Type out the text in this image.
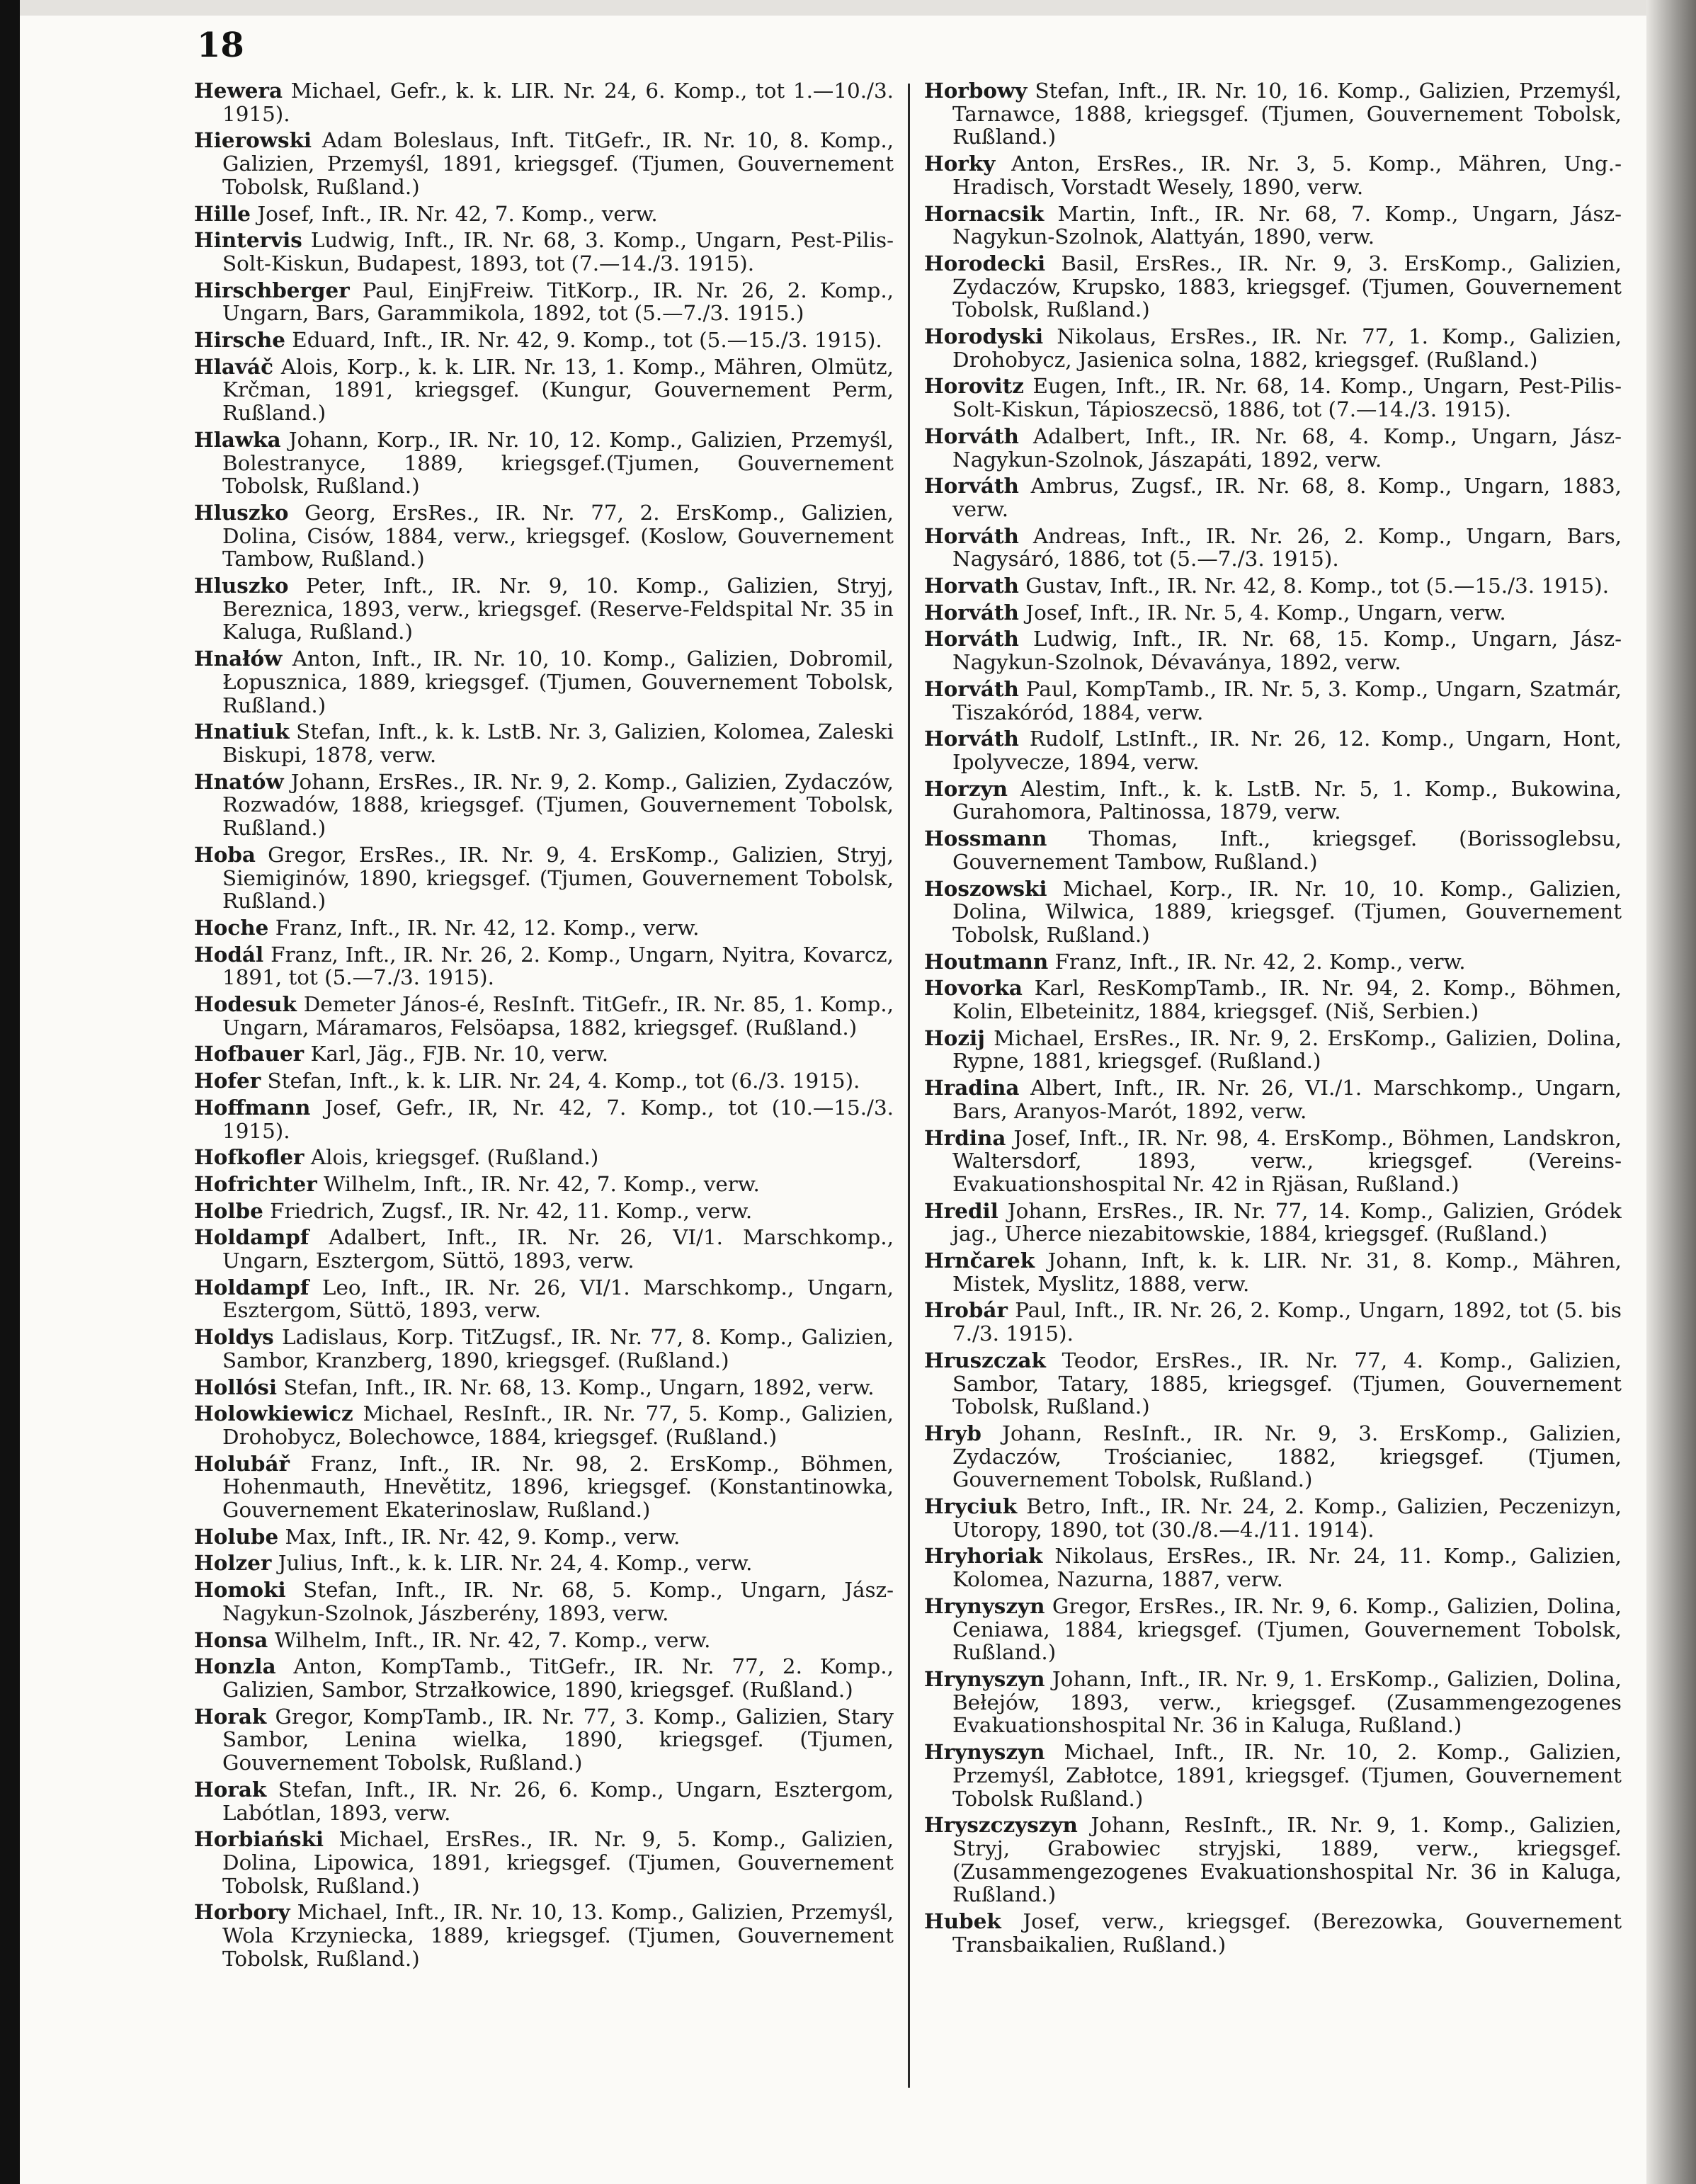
18

Hewera Michael, Gefr., k. k. LIR. Nr. 24, 6. Komp., tot 1.—10./3. 1915).

Hierowski Adam Boleslaus, Inft. TitGefr., IR. Nr. 10, 8. Komp., Galizien, Przemyśl, 1891, kriegsgef. (Tjumen, Gouvernement Tobolsk, Rußland.)

Hille Josef, Inft., IR. Nr. 42, 7. Komp., verw.

Hintervis Ludwig, Inft., IR. Nr. 68, 3. Komp., Ungarn, Pest-Pilis-Solt-Kiskun, Budapest, 1893, tot (7.—14./3. 1915).

Hirschberger Paul, EinjFreiw. TitKorp., IR. Nr. 26, 2. Komp., Ungarn, Bars, Garammikola, 1892, tot (5.—7./3. 1915.)

Hirsche Eduard, Inft., IR. Nr. 42, 9. Komp., tot (5.—15./3. 1915).

Hlaváč Alois, Korp., k. k. LIR. Nr. 13, 1. Komp., Mähren, Olmütz, Krčman, 1891, kriegsgef. (Kungur, Gouvernement Perm, Rußland.)

Hlawka Johann, Korp., IR. Nr. 10, 12. Komp., Galizien, Przemyśl, Bolestranyce, 1889, kriegsgef.(Tjumen, Gouvernement Tobolsk, Rußland.)

Hluszko Georg, ErsRes., IR. Nr. 77, 2. ErsKomp., Galizien, Dolina, Cisów, 1884, verw., kriegsgef. (Koslow, Gouvernement Tambow, Rußland.)

Hluszko Peter, Inft., IR. Nr. 9, 10. Komp., Galizien, Stryj, Bereznica, 1893, verw., kriegsgef. (Reserve-Feldspital Nr. 35 in Kaluga, Rußland.)

Hnałów Anton, Inft., IR. Nr. 10, 10. Komp., Galizien, Dobromil, Łopusznica, 1889, kriegsgef. (Tjumen, Gouvernement Tobolsk, Rußland.)

Hnatiuk Stefan, Inft., k. k. LstB. Nr. 3, Galizien, Kolomea, Zaleski Biskupi, 1878, verw.

Hnatów Johann, ErsRes., IR. Nr. 9, 2. Komp., Galizien, Zydaczów, Rozwadów, 1888, kriegsgef. (Tjumen, Gouvernement Tobolsk, Rußland.)

Hoba Gregor, ErsRes., IR. Nr. 9, 4. ErsKomp., Galizien, Stryj, Siemiginów, 1890, kriegsgef. (Tjumen, Gouvernement Tobolsk, Rußland.)

Hoche Franz, Inft., IR. Nr. 42, 12. Komp., verw.

Hodál Franz, Inft., IR. Nr. 26, 2. Komp., Ungarn, Nyitra, Kovarcz, 1891, tot (5.—7./3. 1915).

Hodesuk Demeter János-é, ResInft. TitGefr., IR. Nr. 85, 1. Komp., Ungarn, Máramaros, Felsöapsa, 1882, kriegsgef. (Rußland.)

Hofbauer Karl, Jäg., FJB. Nr. 10, verw.

Hofer Stefan, Inft., k. k. LIR. Nr. 24, 4. Komp., tot (6./3. 1915).

Hoffmann Josef, Gefr., IR, Nr. 42, 7. Komp., tot (10.—15./3. 1915).

Hofkofler Alois, kriegsgef. (Rußland.)

Hofrichter Wilhelm, Inft., IR. Nr. 42, 7. Komp., verw.

Holbe Friedrich, Zugsf., IR. Nr. 42, 11. Komp., verw.

Holdampf Adalbert, Inft., IR. Nr. 26, VI/1. Marschkomp., Ungarn, Esztergom, Süttö, 1893, verw.

Holdampf Leo, Inft., IR. Nr. 26, VI/1. Marschkomp., Ungarn, Esztergom, Süttö, 1893, verw.

Holdys Ladislaus, Korp. TitZugsf., IR. Nr. 77, 8. Komp., Galizien, Sambor, Kranzberg, 1890, kriegsgef. (Rußland.)

Hollósi Stefan, Inft., IR. Nr. 68, 13. Komp., Ungarn, 1892, verw.

Holowkiewicz Michael, ResInft., IR. Nr. 77, 5. Komp., Galizien, Drohobycz, Bolechowce, 1884, kriegsgef. (Rußland.)

Holubář Franz, Inft., IR. Nr. 98, 2. ErsKomp., Böhmen, Hohenmauth, Hnevětitz, 1896, kriegsgef. (Konstantinowka, Gouvernement Ekaterinoslaw, Rußland.)

Holube Max, Inft., IR. Nr. 42, 9. Komp., verw.

Holzer Julius, Inft., k. k. LIR. Nr. 24, 4. Komp., verw.

Homoki Stefan, Inft., IR. Nr. 68, 5. Komp., Ungarn, Jász-Nagykun-Szolnok, Jászberény, 1893, verw.

Honsa Wilhelm, Inft., IR. Nr. 42, 7. Komp., verw.

Honzla Anton, KompTamb., TitGefr., IR. Nr. 77, 2. Komp., Galizien, Sambor, Strzałkowice, 1890, kriegsgef. (Rußland.)

Horak Gregor, KompTamb., IR. Nr. 77, 3. Komp., Galizien, Stary Sambor, Lenina wielka, 1890, kriegsgef. (Tjumen, Gouvernement Tobolsk, Rußland.)

Horak Stefan, Inft., IR. Nr. 26, 6. Komp., Ungarn, Esztergom, Labótlan, 1893, verw.

Horbiański Michael, ErsRes., IR. Nr. 9, 5. Komp., Galizien, Dolina, Lipowica, 1891, kriegsgef. (Tjumen, Gouvernement Tobolsk, Rußland.)

Horbory Michael, Inft., IR. Nr. 10, 13. Komp., Galizien, Przemyśl, Wola Krzyniecka, 1889, kriegsgef. (Tjumen, Gouvernement Tobolsk, Rußland.)

Horbowy Stefan, Inft., IR. Nr. 10, 16. Komp., Galizien, Przemyśl, Tarnawce, 1888, kriegsgef. (Tjumen, Gouvernement Tobolsk, Rußland.)

Horky Anton, ErsRes., IR. Nr. 3, 5. Komp., Mähren, Ung.-Hradisch, Vorstadt Wesely, 1890, verw.

Hornacsik Martin, Inft., IR. Nr. 68, 7. Komp., Ungarn, Jász-Nagykun-Szolnok, Alattyán, 1890, verw.

Horodecki Basil, ErsRes., IR. Nr. 9, 3. ErsKomp., Galizien, Zydaczów, Krupsko, 1883, kriegsgef. (Tjumen, Gouvernement Tobolsk, Rußland.)

Horodyski Nikolaus, ErsRes., IR. Nr. 77, 1. Komp., Galizien, Drohobycz, Jasienica solna, 1882, kriegsgef. (Rußland.)

Horovitz Eugen, Inft., IR. Nr. 68, 14. Komp., Ungarn, Pest-Pilis-Solt-Kiskun, Tápioszecsö, 1886, tot (7.—14./3. 1915).

Horváth Adalbert, Inft., IR. Nr. 68, 4. Komp., Ungarn, Jász-Nagykun-Szolnok, Jászapáti, 1892, verw.

Horváth Ambrus, Zugsf., IR. Nr. 68, 8. Komp., Ungarn, 1883, verw.

Horváth Andreas, Inft., IR. Nr. 26, 2. Komp., Ungarn, Bars, Nagysáró, 1886, tot (5.—7./3. 1915).

Horvath Gustav, Inft., IR. Nr. 42, 8. Komp., tot (5.—15./3. 1915).

Horváth Josef, Inft., IR. Nr. 5, 4. Komp., Ungarn, verw.

Horváth Ludwig, Inft., IR. Nr. 68, 15. Komp., Ungarn, Jász-Nagykun-Szolnok, Dévaványa, 1892, verw.

Horváth Paul, KompTamb., IR. Nr. 5, 3. Komp., Ungarn, Szatmár, Tiszakóród, 1884, verw.

Horváth Rudolf, LstInft., IR. Nr. 26, 12. Komp., Ungarn, Hont, Ipolyvecze, 1894, verw.

Horzyn Alestim, Inft., k. k. LstB. Nr. 5, 1. Komp., Bukowina, Gurahomora, Paltinossa, 1879, verw.

Hossmann Thomas, Inft., kriegsgef. (Borissoglebsu, Gouvernement Tambow, Rußland.)

Hoszowski Michael, Korp., IR. Nr. 10, 10. Komp., Galizien, Dolina, Wilwica, 1889, kriegsgef. (Tjumen, Gouvernement Tobolsk, Rußland.)

Houtmann Franz, Inft., IR. Nr. 42, 2. Komp., verw.

Hovorka Karl, ResKompTamb., IR. Nr. 94, 2. Komp., Böhmen, Kolin, Elbeteinitz, 1884, kriegsgef. (Niš, Serbien.)

Hozij Michael, ErsRes., IR. Nr. 9, 2. ErsKomp., Galizien, Dolina, Rypne, 1881, kriegsgef. (Rußland.)

Hradina Albert, Inft., IR. Nr. 26, VI./1. Marschkomp., Ungarn, Bars, Aranyos-Marót, 1892, verw.

Hrdina Josef, Inft., IR. Nr. 98, 4. ErsKomp., Böhmen, Landskron, Waltersdorf, 1893, verw., kriegsgef. (Vereins-Evakuationshospital Nr. 42 in Rjäsan, Rußland.)

Hredil Johann, ErsRes., IR. Nr. 77, 14. Komp., Galizien, Gródek jag., Uherce niezabitowskie, 1884, kriegsgef. (Rußland.)

Hrnčarek Johann, Inft, k. k. LIR. Nr. 31, 8. Komp., Mähren, Mistek, Myslitz, 1888, verw.

Hrobár Paul, Inft., IR. Nr. 26, 2. Komp., Ungarn, 1892, tot (5. bis 7./3. 1915).

Hruszczak Teodor, ErsRes., IR. Nr. 77, 4. Komp., Galizien, Sambor, Tatary, 1885, kriegsgef. (Tjumen, Gouvernement Tobolsk, Rußland.)

Hryb Johann, ResInft., IR. Nr. 9, 3. ErsKomp., Galizien, Zydaczów, Trościaniec, 1882, kriegsgef. (Tjumen, Gouvernement Tobolsk, Rußland.)

Hryciuk Betro, Inft., IR. Nr. 24, 2. Komp., Galizien, Peczenizyn, Utoropy, 1890, tot (30./8.—4./11. 1914).

Hryhoriak Nikolaus, ErsRes., IR. Nr. 24, 11. Komp., Galizien, Kolomea, Nazurna, 1887, verw.

Hrynyszyn Gregor, ErsRes., IR. Nr. 9, 6. Komp., Galizien, Dolina, Ceniawa, 1884, kriegsgef. (Tjumen, Gouvernement Tobolsk, Rußland.)

Hrynyszyn Johann, Inft., IR. Nr. 9, 1. ErsKomp., Galizien, Dolina, Bełejów, 1893, verw., kriegsgef. (Zusammengezogenes Evakuationshospital Nr. 36 in Kaluga, Rußland.)

Hrynyszyn Michael, Inft., IR. Nr. 10, 2. Komp., Galizien, Przemyśl, Zabłotce, 1891, kriegsgef. (Tjumen, Gouvernement Tobolsk Rußland.)

Hryszczyszyn Johann, ResInft., IR. Nr. 9, 1. Komp., Galizien, Stryj, Grabowiec stryjski, 1889, verw., kriegsgef. (Zusammengezogenes Evakuationshospital Nr. 36 in Kaluga, Rußland.)

Hubek Josef, verw., kriegsgef. (Berezowka, Gouvernement Transbaikalien, Rußland.)
